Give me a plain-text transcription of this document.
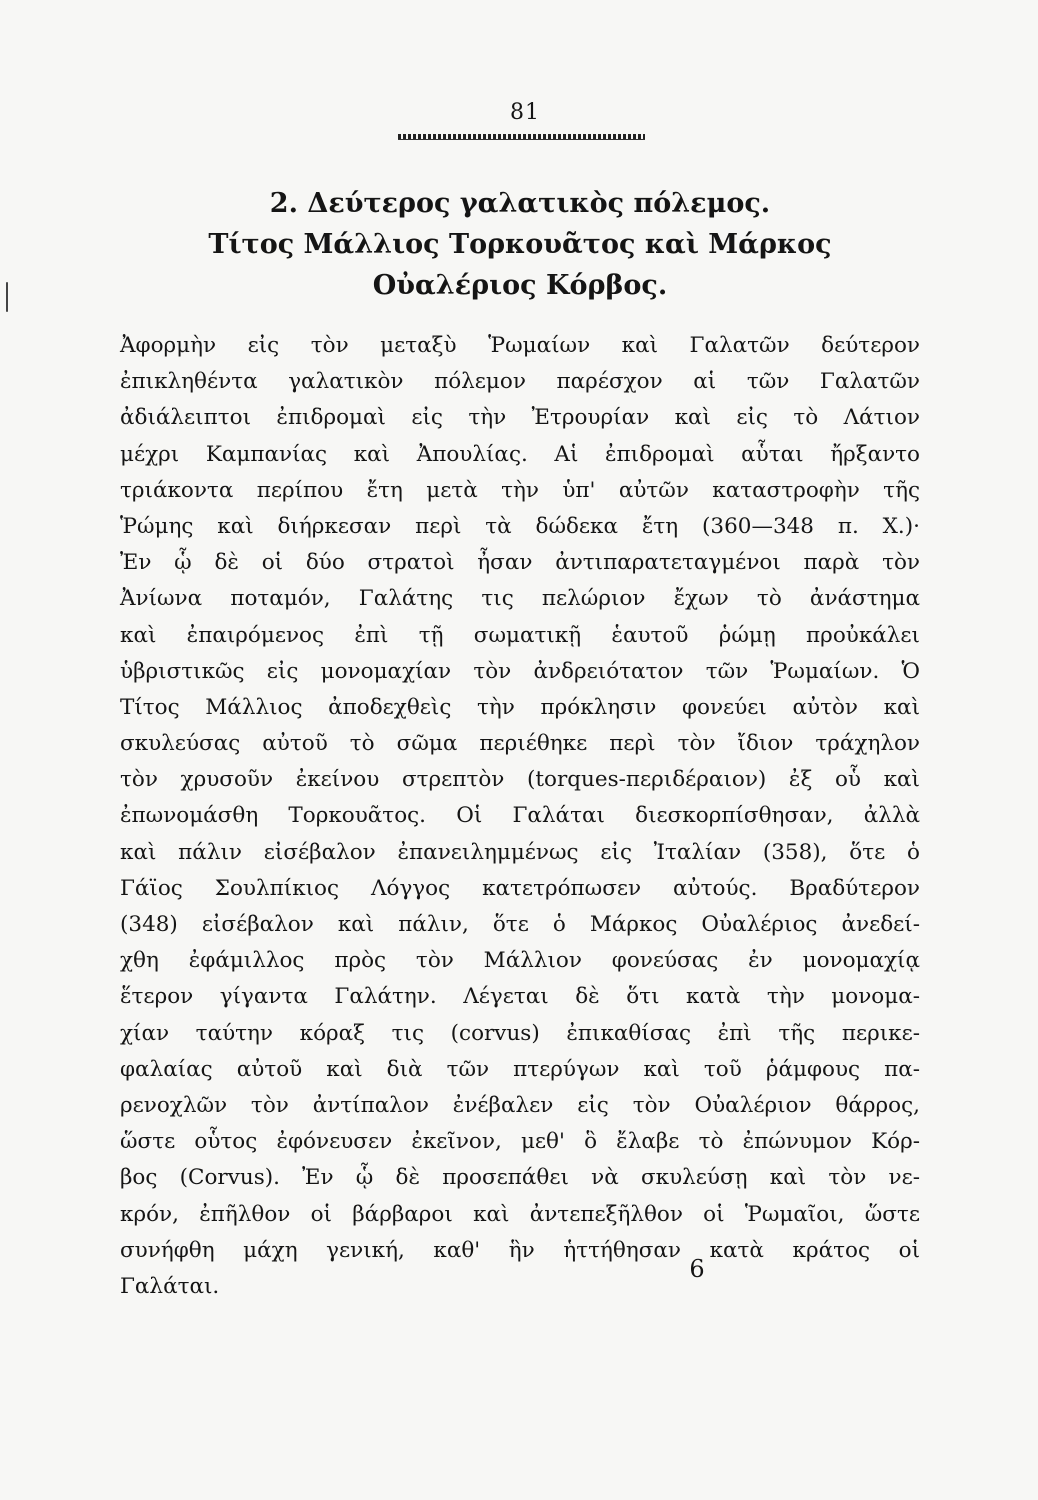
81
2. Δεύτερος γαλατικὸς πόλεμος.
Τίτος Μάλλιος Τορκουᾶτος καὶ Μάρκος
Οὐαλέριος Κόρβος.
Ἀφορμὴν εἰς τὸν μεταξὺ Ῥωμαίων καὶ Γαλατῶν δεύτερον
ἐπικληθέντα γαλατικὸν πόλεμον παρέσχον αἱ τῶν Γαλατῶν
ἀδιάλειπτοι ἐπιδρομαὶ εἰς τὴν Ἐτρουρίαν καὶ εἰς τὸ Λάτιον
μέχρι Καμπανίας καὶ Ἀπουλίας. Αἱ ἐπιδρομαὶ αὗται ἤρξαντο
τριάκοντα περίπου ἔτη μετὰ τὴν ὑπ' αὐτῶν καταστροφὴν τῆς
Ῥώμης καὶ διήρκεσαν περὶ τὰ δώδεκα ἔτη (360—348 π. Χ.)·
Ἐν ᾧ δὲ οἱ δύο στρατοὶ ἦσαν ἀντιπαρατεταγμένοι παρὰ τὸν
Ἀνίωνα ποταμόν, Γαλάτης τις πελώριον ἔχων τὸ ἀνάστημα
καὶ ἐπαιρόμενος ἐπὶ τῇ σωματικῇ ἑαυτοῦ ῥώμῃ προὐκάλει
ὑβριστικῶς εἰς μονομαχίαν τὸν ἀνδρειότατον τῶν Ῥωμαίων. Ὁ
Τίτος Μάλλιος ἀποδεχθεὶς τὴν πρόκλησιν φονεύει αὐτὸν καὶ
σκυλεύσας αὐτοῦ τὸ σῶμα περιέθηκε περὶ τὸν ἴδιον τράχηλον
τὸν χρυσοῦν ἐκείνου στρεπτὸν (torques-περιδέραιον) ἐξ οὗ καὶ
ἐπωνομάσθη Τορκουᾶτος. Οἱ Γαλάται διεσκορπίσθησαν, ἀλλὰ
καὶ πάλιν εἰσέβαλον ἐπανειλημμένως εἰς Ἰταλίαν (358), ὅτε ὁ
Γάϊος Σουλπίκιος Λόγγος κατετρόπωσεν αὐτούς. Βραδύτερον
(348) εἰσέβαλον καὶ πάλιν, ὅτε ὁ Μάρκος Οὐαλέριος ἀνεδεί-
χθη ἐφάμιλλος πρὸς τὸν Μάλλιον φονεύσας ἐν μονομαχίᾳ
ἕτερον γίγαντα Γαλάτην. Λέγεται δὲ ὅτι κατὰ τὴν μονομα-
χίαν ταύτην κόραξ τις (corvus) ἐπικαθίσας ἐπὶ τῆς περικε-
φαλαίας αὐτοῦ καὶ διὰ τῶν πτερύγων καὶ τοῦ ῥάμφους πα-
ρενοχλῶν τὸν ἀντίπαλον ἐνέβαλεν εἰς τὸν Οὐαλέριον θάρρος,
ὥστε οὗτος ἐφόνευσεν ἐκεῖνον, μεθ' ὃ ἔλαβε τὸ ἐπώνυμον Κόρ-
βος (Corvus). Ἐν ᾧ δὲ προσεπάθει νὰ σκυλεύσῃ καὶ τὸν νε-
κρόν, ἐπῆλθον οἱ βάρβαροι καὶ ἀντεπεξῆλθον οἱ Ῥωμαῖοι, ὥστε
συνήφθη μάχη γενική, καθ' ἣν ἡττήθησαν κατὰ κράτος οἱ
Γαλάται.
6
